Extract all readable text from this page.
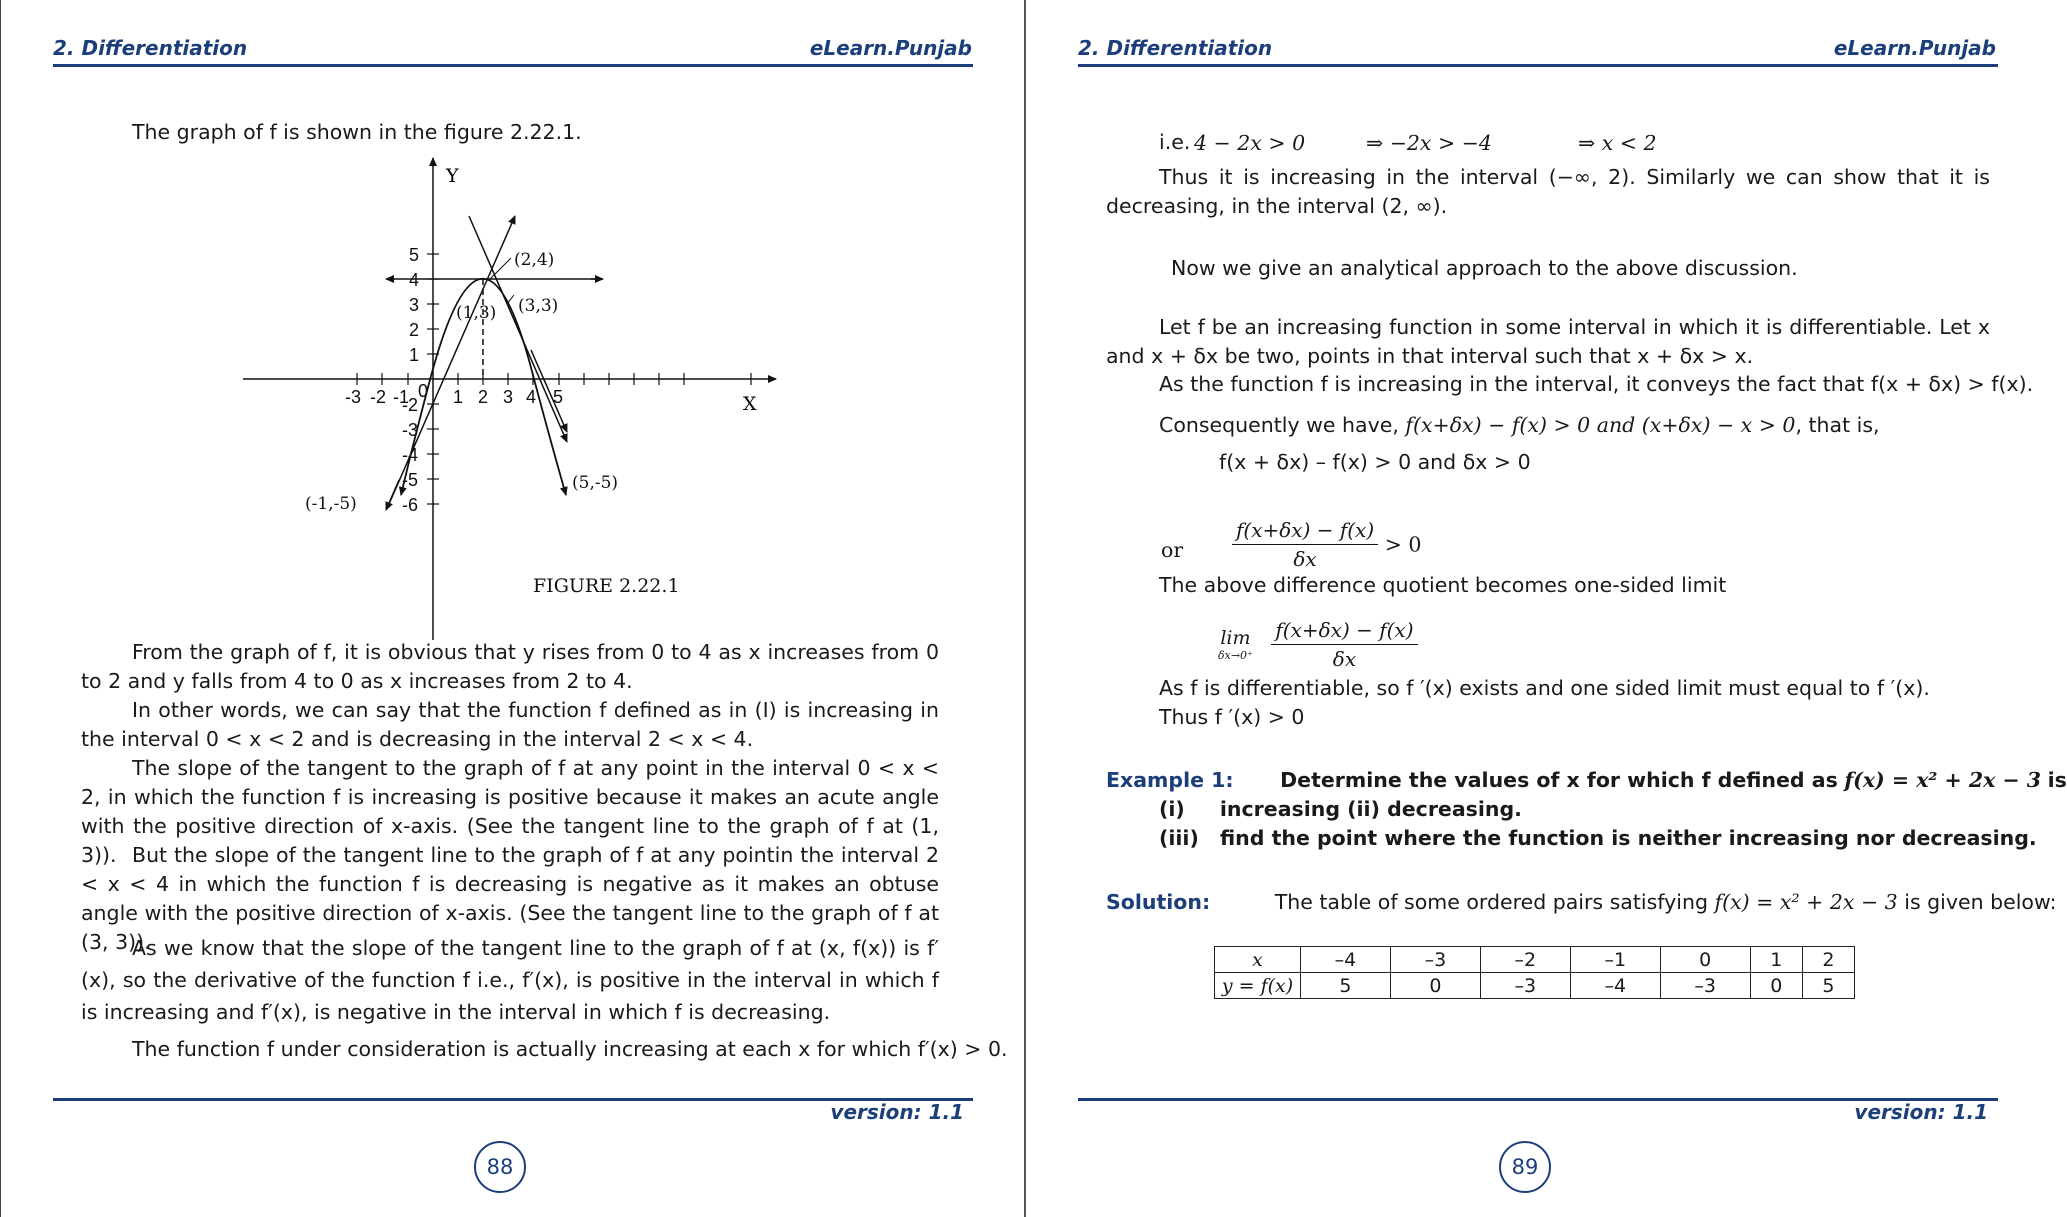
2. Differentiation	eLearn.Punjab
The graph of f is shown in the figure 2.22.1.
Y
X
-3 -2 -1 0 1 2 3 4 5
5
4
3
2
1
-2
-3
-4
-5
-6
(2,4)
(1,3) (3,3)
(5,-5)
(-1,-5)
FIGURE 2.22.1
From the graph of f, it is obvious that y rises from 0 to 4 as x increases from 0 to 2 and y falls from 4 to 0 as x increases from 2 to 4.
In other words, we can say that the function f defined as in (I) is increasing in the interval 0 < x < 2 and is decreasing in the interval 2 < x < 4.
The slope of the tangent to the graph of f at any point in the interval 0 < x < 2, in which the function f is increasing is positive because it makes an acute angle with the positive direction of x-axis. (See the tangent line to the graph of f at (1, 3)). But the slope of the tangent line to the graph of f at any pointin the interval 2 < x < 4 in which the function f is decreasing is negative as it makes an obtuse angle with the positive direction of x-axis. (See the tangent line to the graph of f at (3, 3)).
As we know that the slope of the tangent line to the graph of f at (x, f(x)) is f′(x), so the derivative of the function f i.e., f′(x), is positive in the interval in which f is increasing and f′(x), is negative in the interval in which f is decreasing.
The function f under consideration is actually increasing at each x for which f′(x) > 0.
version: 1.1
88
2. Differentiation	eLearn.Punjab
i.e. 4 − 2x > 0	⇒ −2x > −4	⇒ x < 2
Thus it is increasing in the interval (−∞, 2). Similarly we can show that it is decreasing, in the interval (2, ∞).
Now we give an analytical approach to the above discussion.
Let f be an increasing function in some interval in which it is differentiable. Let x and x + δx be two, points in that interval such that x + δx > x.
As the function f is increasing in the interval, it conveys the fact that f(x + δx) > f(x).
Consequently we have, f(x+δx) − f(x) > 0 and (x+δx) − x > 0, that is,
f(x + δx) – f(x) > 0 and δx > 0
or $\frac{f(x+\delta x) - f(x)}{\delta x} > 0$
The above difference quotient becomes one-sided limit
lim
δx→0⁺
$\frac{f(x+\delta x) - f(x)}{\delta x}$
As f is differentiable, so f ′(x) exists and one sided limit must equal to f ′(x).
Thus f ′(x) > 0
Example 1: Determine the values of x for which f defined as f(x) = x² + 2x − 3 is
(i) increasing (ii) decreasing.
(iii) find the point where the function is neither increasing nor decreasing.
Solution:	The table of some ordered pairs satisfying f(x) = x² + 2x − 3 is given below:
x	–4	–3	–2	–1	0	1	2
y = f(x)	5	0	–3	–4	–3	0	5
version: 1.1
89
